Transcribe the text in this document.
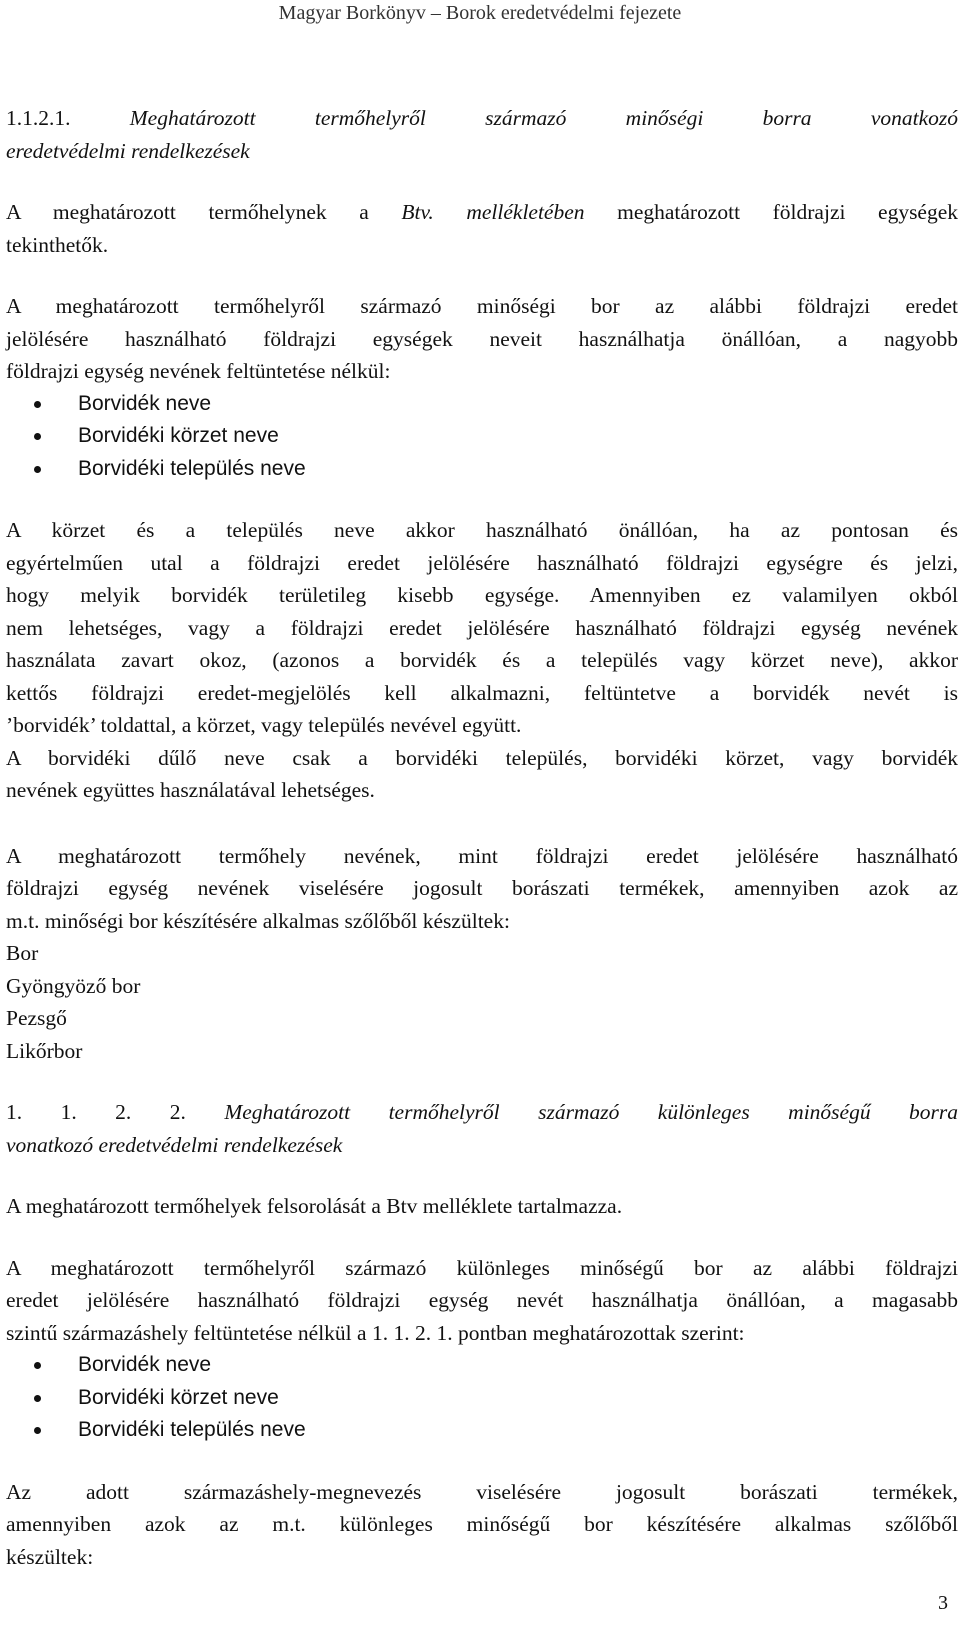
Magyar Borkönyv – Borok eredetvédelmi fejezete

1.1.2.1.	Meghatározott termőhelyről származó minőségi borra vonatkozó

eredetvédelmi rendelkezések

A meghatározott termőhelynek a Btv. mellékletében meghatározott földrajzi egységek

tekinthetők.

A meghatározott termőhelyről származó minőségi bor az alábbi földrajzi eredet

jelölésére használható földrajzi egységek neveit használhatja önállóan, a nagyobb

földrajzi egység nevének feltüntetése nélkül:

Borvidék neve
Borvidéki körzet neve
Borvidéki település neve

A körzet és a település neve akkor használható önállóan, ha az pontosan és

egyértelműen utal a földrajzi eredet jelölésére használható földrajzi egységre és jelzi,

hogy melyik borvidék területileg kisebb egysége. Amennyiben ez valamilyen okból

nem lehetséges, vagy a földrajzi eredet jelölésére használható földrajzi egység nevének

használata zavart okoz, (azonos a borvidék és a település vagy körzet neve), akkor

kettős földrajzi eredet-megjelölés kell alkalmazni, feltüntetve a borvidék nevét is

’borvidék’ toldattal, a körzet, vagy település nevével együtt.

A borvidéki dűlő neve csak a borvidéki település, borvidéki körzet, vagy borvidék

nevének együttes használatával lehetséges.

A meghatározott termőhely nevének, mint földrajzi eredet jelölésére használható

földrajzi egység nevének viselésére jogosult borászati termékek, amennyiben azok az

m.t. minőségi bor készítésére alkalmas szőlőből készültek:

Bor

Gyöngyöző bor

Pezsgő

Likőrbor

1. 1. 2. 2. Meghatározott termőhelyről származó különleges minőségű borra

vonatkozó eredetvédelmi rendelkezések

A meghatározott termőhelyek felsorolását a Btv melléklete tartalmazza.

A meghatározott termőhelyről származó különleges minőségű bor az alábbi földrajzi

eredet jelölésére használható földrajzi egység nevét használhatja önállóan, a magasabb

szintű származáshely feltüntetése nélkül a 1. 1. 2. 1. pontban meghatározottak szerint:

Borvidék neve
Borvidéki körzet neve
Borvidéki település neve

Az adott származáshely-megnevezés viselésére jogosult borászati termékek,

amennyiben azok az m.t. különleges minőségű bor készítésére alkalmas szőlőből

készültek:

3
